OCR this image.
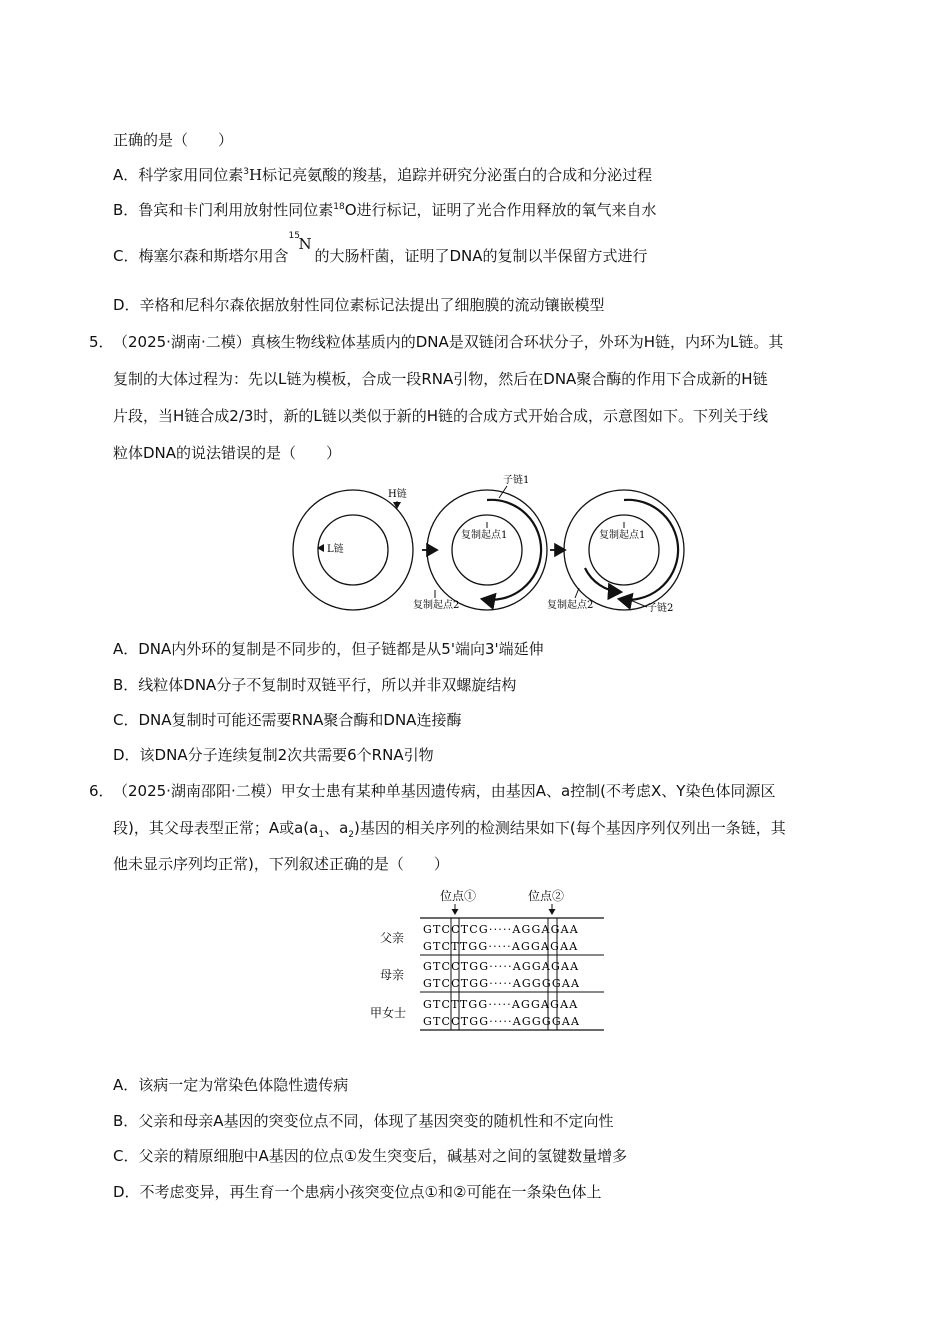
正确的是（　　）
A．科学家用同位素$^3$H标记亮氨酸的羧基，追踪并研究分泌蛋白的合成和分泌过程
B．鲁宾和卡门利用放射性同位素$^{18}$O进行标记，证明了光合作用释放的氧气来自水
C．梅塞尔森和斯塔尔用含
15
N
的大肠杆菌，证明了DNA的复制以半保留方式进行
D．辛格和尼科尔森依据放射性同位素标记法提出了细胞膜的流动镶嵌模型
5． （2025·湖南·二模）真核生物线粒体基质内的DNA是双链闭合环状分子，外环为H链，内环为L链。其
复制的大体过程为：先以L链为模板，合成一段RNA引物，然后在DNA聚合酶的作用下合成新的H链
片段，当H链合成2/3时，新的L链以类似于新的H链的合成方式开始合成，示意图如下。下列关于线
粒体DNA的说法错误的是（　　）
L链
H链
复制起点1
子链1
复制起点2
复制起点1
复制起点2	子链2
A．DNA内外环的复制是不同步的，但子链都是从5'端向3'端延伸
B．线粒体DNA分子不复制时双链平行，所以并非双螺旋结构
C．DNA复制时可能还需要RNA聚合酶和DNA连接酶
D．该DNA分子连续复制2次共需要6个RNA引物
6． （2025·湖南邵阳·二模）甲女士患有某种单基因遗传病，由基因A、a控制(不考虑X、Y染色体同源区
段)，其父母表型正常；A或$a(a_1$、$a_2$)基因的相关序列的检测结果如下(每个基因序列仅列出一条链，其
他未显示序列均正常)，下列叙述正确的是（　　）
位点①	位点②
父亲
母亲
甲女士
GTCCTCG·····AGGAGAA
GTCTTGG·····AGGAGAA
GTCCTGG·····AGGAGAA
GTCCTGG·····AGGGGAA
GTCTTGG·····AGGAGAA
GTCCTGG·····AGGGGAA
A．该病一定为常染色体隐性遗传病
B．父亲和母亲A基因的突变位点不同，体现了基因突变的随机性和不定向性
C．父亲的精原细胞中A基因的位点①发生突变后，碱基对之间的氢键数量增多
D．不考虑变异，再生育一个患病小孩突变位点①和②可能在一条染色体上
